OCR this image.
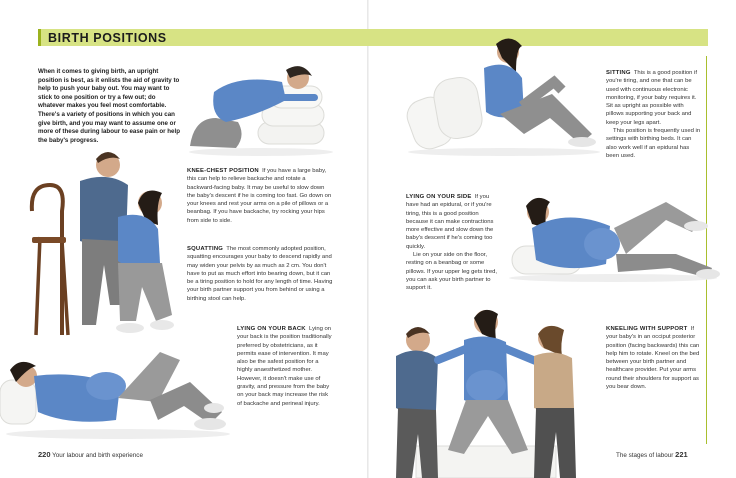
BIRTH POSITIONS
When it comes to giving birth, an upright position is best, as it enlists the aid of gravity to help to push your baby out. You may want to stick to one position or try a few out; do whatever makes you feel most comfortable. There's a variety of positions in which you can give birth, and you may want to assume one or more of these during labour to ease pain or help the baby's progress.
KNEE-CHEST POSITION If you have a large baby, this can help to relieve backache and rotate a backward-facing baby. It may be useful to slow down the baby's descent if he is coming too fast. Go down on your knees and rest your arms on a pile of pillows or a beanbag. If you have backache, try rocking your hips from side to side.
SQUATTING The most commonly adopted position, squatting encourages your baby to descend rapidly and may widen your pelvis by as much as 2 cm. You don't have to put as much effort into bearing down, but it can be a tiring position to hold for any length of time. Having your birth partner support you from behind or using a birthing stool can help.
LYING ON YOUR BACK Lying on your back is the position traditionally preferred by obstetricians, as it permits ease of intervention. It may also be the safest position for a highly anaesthetized mother. However, it doesn't make use of gravity, and pressure from the baby on your back may increase the risk of backache and perineal injury.

SITTING This is a good position if you're tiring, and one that can be used with continuous electronic monitoring, if your baby requires it. Sit as upright as possible with pillows supporting your back and keep your legs apart.

This position is frequently used in settings with birthing beds. It can also work well if an epidural has been used.

LYING ON YOUR SIDE If you have had an epidural, or if you're tiring, this is a good position because it can make contractions more effective and slow down the baby's descent if he's coming too quickly.

Lie on your side on the floor, resting on a beanbag or some pillows. If your upper leg gets tired, you can ask your birth partner to support it.

KNEELING WITH SUPPORT If your baby's in an occiput posterior position (facing backwards) this can help him to rotate. Kneel on the bed between your birth partner and healthcare provider. Put your arms round their shoulders for support as you bear down.
220 Your labour and birth experience	The stages of labour 221
